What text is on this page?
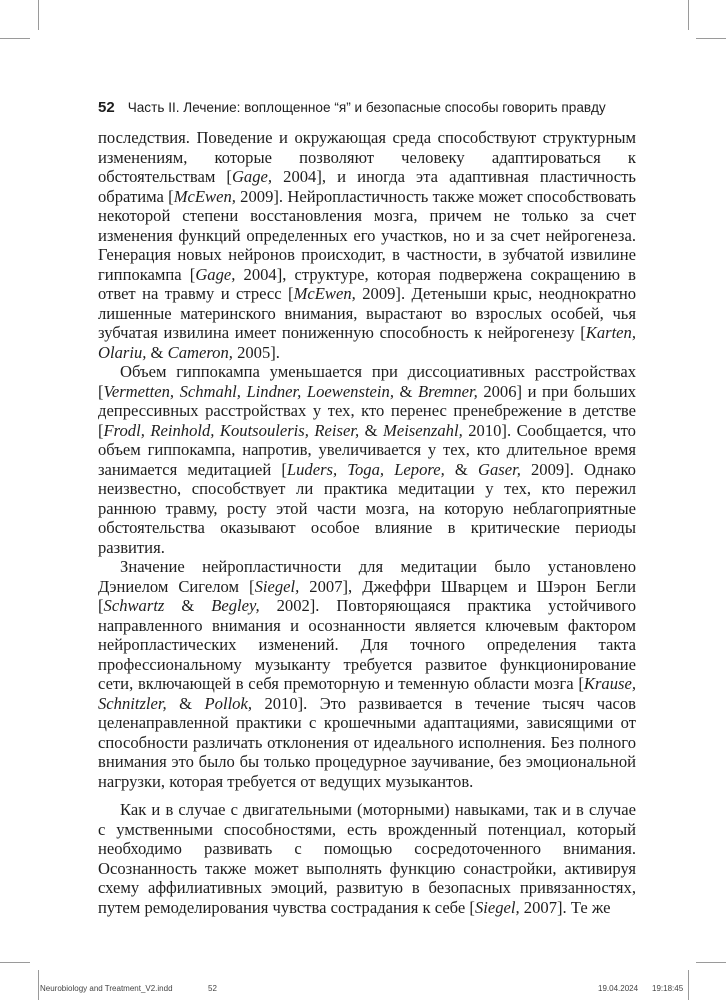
52 Часть II. Лечение: воплощенное “я” и безопасные способы говорить правду

последствия. Поведение и окружающая среда способствуют структурным изменениям, которые позволяют человеку адаптироваться к обстоятельствам [Gage, 2004], и иногда эта адаптивная пластичность обратима [McEwen, 2009]. Нейропластичность также может способствовать некоторой степени восстановления мозга, причем не только за счет изменения функций определенных его участков, но и за счет нейрогенеза. Генерация новых нейронов происходит, в частности, в зубчатой извилине гиппокампа [Gage, 2004], структуре, которая подвержена сокращению в ответ на травму и стресс [McEwen, 2009]. Детеныши крыс, неоднократно лишенные материнского внимания, вырастают во взрослых особей, чья зубчатая извилина имеет пониженную способность к нейрогенезу [Karten, Olariu, & Cameron, 2005].

Объем гиппокампа уменьшается при диссоциативных расстройствах [Vermetten, Schmahl, Lindner, Loewenstein, & Bremner, 2006] и при больших депрессивных расстройствах у тех, кто перенес пренебрежение в детстве [Frodl, Reinhold, Koutsouleris, Reiser, & Meisenzahl, 2010]. Сообщается, что объем гиппокампа, напротив, увеличивается у тех, кто длительное время занимается медитацией [Luders, Toga, Lepore, & Gaser, 2009]. Однако неизвестно, способствует ли практика медитации у тех, кто пережил раннюю травму, росту этой части мозга, на которую неблагоприятные обстоятельства оказывают особое влияние в критические периоды развития.

Значение нейропластичности для медитации было установлено Дэниелом Сигелом [Siegel, 2007], Джеффри Шварцем и Шэрон Бегли [Schwartz & Begley, 2002]. Повторяющаяся практика устойчивого направленного внимания и осознанности является ключевым фактором нейропластических изменений. Для точного определения такта профессиональному музыканту требуется развитое функционирование сети, включающей в себя премоторную и теменную области мозга [Krause, Schnitzler, & Pollok, 2010]. Это развивается в течение тысяч часов целенаправленной практики с крошечными адаптациями, зависящими от способности различать отклонения от идеального исполнения. Без полного внимания это было бы только процедурное заучивание, без эмоциональной нагрузки, которая требуется от ведущих музыкантов.

Как и в случае с двигательными (моторными) навыками, так и в случае с умственными способностями, есть врожденный потенциал, который необходимо развивать с помощью сосредоточенного внимания. Осознанность также может выполнять функцию сонастройки, активируя схему аффилиативных эмоций, развитую в безопасных привязанностях, путем ремоделирования чувства сострадания к себе [Siegel, 2007]. Те же

Neurobiology and Treatment_V2.indd	52	19.04.2024 19:18:45
